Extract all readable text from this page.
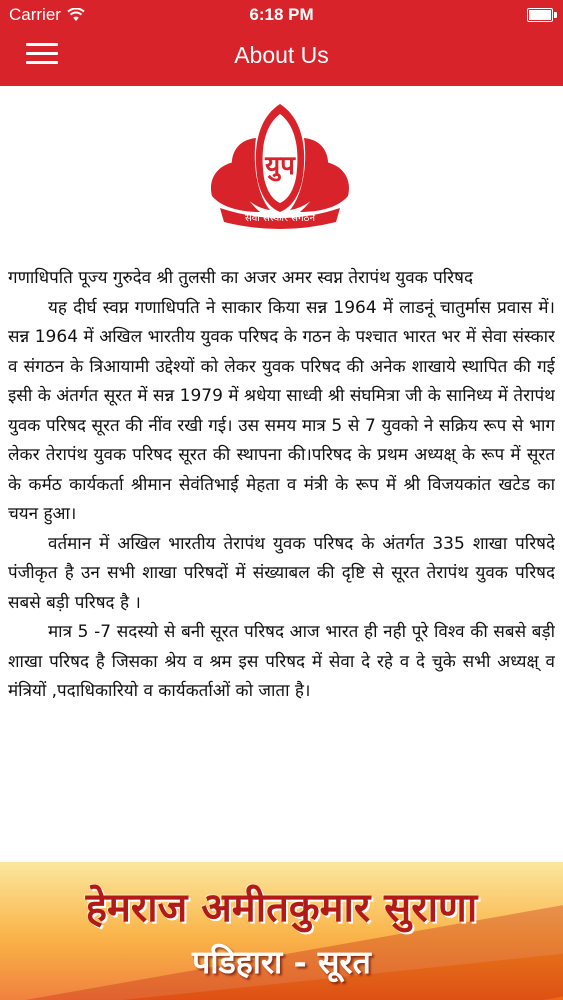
Carrier	6:18 PM
About Us
युप
सेवा संस्कार संगठन

गणाधिपति पूज्य गुरुदेव श्री तुलसी का अजर अमर स्वप्न तेरापंथ युवक परिषद

यह दीर्घ स्वप्न गणाधिपति ने साकार किया सन्न 1964 में लाडनूं चातुर्मास प्रवास में। सन्न 1964 में अखिल भारतीय युवक परिषद के गठन के पश्चात भारत भर में सेवा संस्कार व संगठन के त्रिआयामी उद्देश्यों को लेकर युवक परिषद की अनेक शाखाये स्थापित की गई इसी के अंतर्गत सूरत में सन्न 1979 में श्रधेया साध्वी श्री संघमित्रा जी के सानिध्य में तेरापंथ युवक परिषद सूरत की नींव रखी गई। उस समय मात्र 5 से 7 युवको ने सक्रिय रूप से भाग लेकर तेरापंथ युवक परिषद सूरत की स्थापना की।परिषद के प्रथम अध्यक्ष् के रूप में सूरत के कर्मठ कार्यकर्ता श्रीमान सेवंतिभाई मेहता व मंत्री के रूप में श्री विजयकांत खटेड का चयन हुआ।

वर्तमान में अखिल भारतीय तेरापंथ युवक परिषद के अंतर्गत 335 शाखा परिषदे पंजीकृत है उन सभी शाखा परिषदों में संख्याबल की दृष्टि से सूरत तेरापंथ युवक परिषद सबसे बड़ी परिषद है ।

मात्र 5 -7 सदस्यो से बनी सूरत परिषद आज भारत ही नही पूरे विश्व की सबसे बड़ी शाखा परिषद है जिसका श्रेय व श्रम इस परिषद में सेवा दे रहे व दे चुके सभी अध्यक्ष् व मंत्रियों ,पदाधिकारियो व कार्यकर्ताओं को जाता है।

हेमराज अमीतकुमार सुराणा
पडिहारा - सूरत
